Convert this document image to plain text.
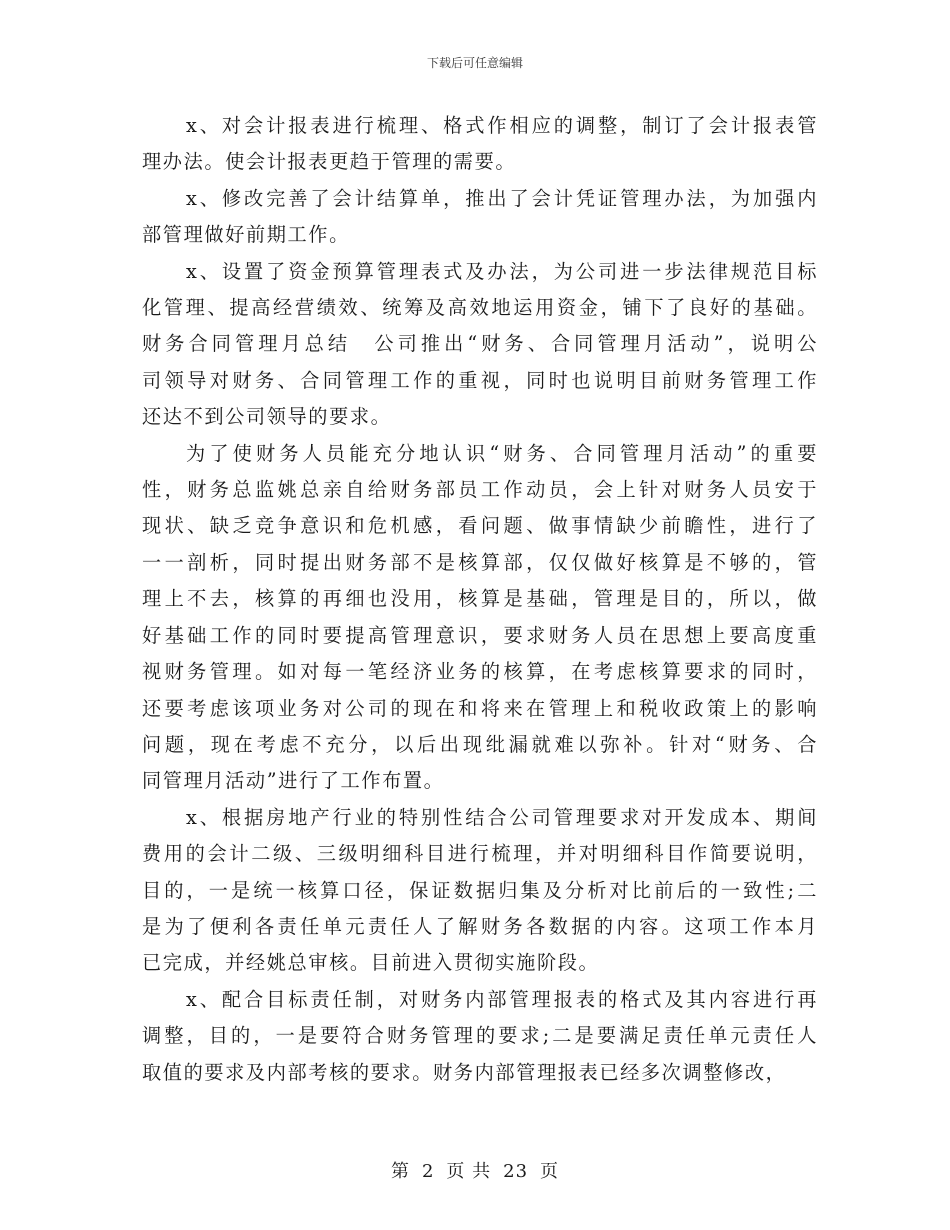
下载后可任意编辑
x、对会计报表进行梳理、格式作相应的调整，制订了会计报表管
理办法。使会计报表更趋于管理的需要。
x、修改完善了会计结算单，推出了会计凭证管理办法，为加强内
部管理做好前期工作。
x、设置了资金预算管理表式及办法，为公司进一步法律规范目标
化管理、提高经营绩效、统筹及高效地运用资金，铺下了良好的基础。
财务合同管理月总结　公司推出“财务、合同管理月活动”，说明公
司领导对财务、合同管理工作的重视，同时也说明目前财务管理工作
还达不到公司领导的要求。
为了使财务人员能充分地认识“财务、合同管理月活动”的重要
性，财务总监姚总亲自给财务部员工作动员，会上针对财务人员安于
现状、缺乏竞争意识和危机感，看问题、做事情缺少前瞻性，进行了
一一剖析，同时提出财务部不是核算部，仅仅做好核算是不够的，管
理上不去，核算的再细也没用，核算是基础，管理是目的，所以，做
好基础工作的同时要提高管理意识，要求财务人员在思想上要高度重
视财务管理。如对每一笔经济业务的核算，在考虑核算要求的同时，
还要考虑该项业务对公司的现在和将来在管理上和税收政策上的影响
问题，现在考虑不充分，以后出现纰漏就难以弥补。针对“财务、合
同管理月活动”进行了工作布置。
x、根据房地产行业的特别性结合公司管理要求对开发成本、期间
费用的会计二级、三级明细科目进行梳理，并对明细科目作简要说明，
目的，一是统一核算口径，保证数据归集及分析对比前后的一致性;二
是为了便利各责任单元责任人了解财务各数据的内容。这项工作本月
已完成，并经姚总审核。目前进入贯彻实施阶段。
x、配合目标责任制，对财务内部管理报表的格式及其内容进行再
调整，目的，一是要符合财务管理的要求;二是要满足责任单元责任人
取值的要求及内部考核的要求。财务内部管理报表已经多次调整修改，
第 2 页 共 23 页
